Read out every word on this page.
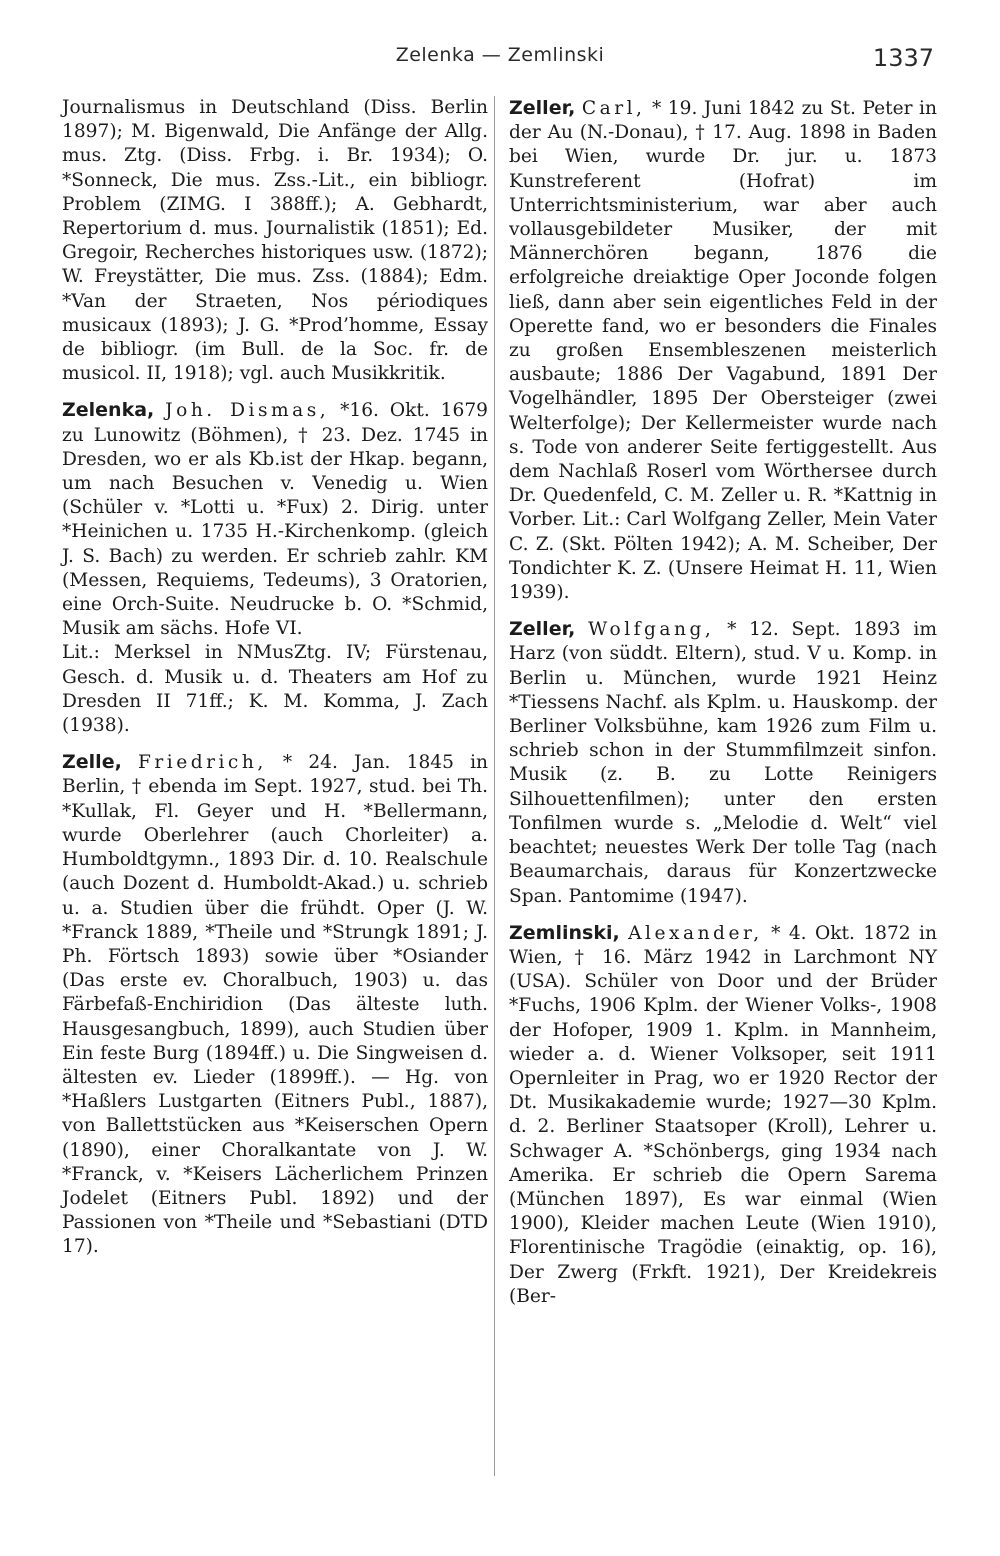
Zelenka — Zemlinski	1337

Journalismus in Deutschland (Diss. Berlin 1897); M. Bigenwald, Die Anfänge der Allg. mus. Ztg. (Diss. Frbg. i. Br. 1934); O. *Sonneck, Die mus. Zss.-Lit., ein bibliogr. Problem (ZIMG. I 388ff.); A. Gebhardt, Repertorium d. mus. Journalistik (1851); Ed. Gregoir, Recherches historiques usw. (1872); W. Freystätter, Die mus. Zss. (1884); Edm. *Van der Straeten, Nos périodiques musicaux (1893); J. G. *Prod’homme, Essay de bibliogr. (im Bull. de la Soc. fr. de musicol. II, 1918); vgl. auch Musikkritik.

Zelenka, Joh. Dismas, *16. Okt. 1679 zu Lunowitz (Böhmen), † 23. Dez. 1745 in Dresden, wo er als Kb.ist der Hkap. begann, um nach Besuchen v. Venedig u. Wien (Schüler v. *Lotti u. *Fux) 2. Dirig. unter *Heinichen u. 1735 H.-Kirchenkomp. (gleich J. S. Bach) zu werden. Er schrieb zahlr. KM (Messen, Requiems, Tedeums), 3 Oratorien, eine Orch-Suite. Neudrucke b. O. *Schmid, Musik am sächs. Hofe VI.

Lit.: Merksel in NMusZtg. IV; Fürstenau, Gesch. d. Musik u. d. Theaters am Hof zu Dresden II 71ff.; K. M. Komma, J. Zach (1938).

Zelle, Friedrich, * 24. Jan. 1845 in Berlin, † ebenda im Sept. 1927, stud. bei Th. *Kullak, Fl. Geyer und H. *Bellermann, wurde Oberlehrer (auch Chorleiter) a. Humboldtgymn., 1893 Dir. d. 10. Realschule (auch Dozent d. Humboldt-Akad.) u. schrieb u. a. Studien über die frühdt. Oper (J. W. *Franck 1889, *Theile und *Strungk 1891; J. Ph. Förtsch 1893) sowie über *Osiander (Das erste ev. Choralbuch, 1903) u. das Färbefaß-Enchiridion (Das älteste luth. Hausgesangbuch, 1899), auch Studien über Ein feste Burg (1894ff.) u. Die Singweisen d. ältesten ev. Lieder (1899ff.). — Hg. von *Haßlers Lustgarten (Eitners Publ., 1887), von Ballettstücken aus *Keiserschen Opern (1890), einer Choralkantate von J. W. *Franck, v. *Keisers Lächerlichem Prinzen Jodelet (Eitners Publ. 1892) und der Passionen von *Theile und *Sebastiani (DTD 17).

Zeller, Carl, * 19. Juni 1842 zu St. Peter in der Au (N.-Donau), † 17. Aug. 1898 in Baden bei Wien, wurde Dr. jur. u. 1873 Kunstreferent (Hofrat) im Unterrichtsministerium, war aber auch vollausgebildeter Musiker, der mit Männerchören begann, 1876 die erfolgreiche dreiaktige Oper Joconde folgen ließ, dann aber sein eigentliches Feld in der Operette fand, wo er besonders die Finales zu großen Ensembleszenen meisterlich ausbaute; 1886 Der Vagabund, 1891 Der Vogelhändler, 1895 Der Obersteiger (zwei Welterfolge); Der Kellermeister wurde nach s. Tode von anderer Seite fertiggestellt. Aus dem Nachlaß Roserl vom Wörthersee durch Dr. Quedenfeld, C. M. Zeller u. R. *Kattnig in Vorber. Lit.: Carl Wolfgang Zeller, Mein Vater C. Z. (Skt. Pölten 1942); A. M. Scheiber, Der Tondichter K. Z. (Unsere Heimat H. 11, Wien 1939).

Zeller, Wolfgang, * 12. Sept. 1893 im Harz (von süddt. Eltern), stud. V u. Komp. in Berlin u. München, wurde 1921 Heinz *Tiessens Nachf. als Kplm. u. Hauskomp. der Berliner Volksbühne, kam 1926 zum Film u. schrieb schon in der Stummfilmzeit sinfon. Musik (z. B. zu Lotte Reinigers Silhouettenfilmen); unter den ersten Tonfilmen wurde s. „Melodie d. Welt“ viel beachtet; neuestes Werk Der tolle Tag (nach Beaumarchais, daraus für Konzertzwecke Span. Pantomime (1947).

Zemlinski, Alexander, * 4. Okt. 1872 in Wien, † 16. März 1942 in Larchmont NY (USA). Schüler von Door und der Brüder *Fuchs, 1906 Kplm. der Wiener Volks-, 1908 der Hofoper, 1909 1. Kplm. in Mannheim, wieder a. d. Wiener Volksoper, seit 1911 Opernleiter in Prag, wo er 1920 Rector der Dt. Musikakademie wurde; 1927—30 Kplm. d. 2. Berliner Staatsoper (Kroll), Lehrer u. Schwager A. *Schönbergs, ging 1934 nach Amerika. Er schrieb die Opern Sarema (München 1897), Es war einmal (Wien 1900), Kleider machen Leute (Wien 1910), Florentinische Tragödie (einaktig, op. 16), Der Zwerg (Frkft. 1921), Der Kreidekreis (Ber-
